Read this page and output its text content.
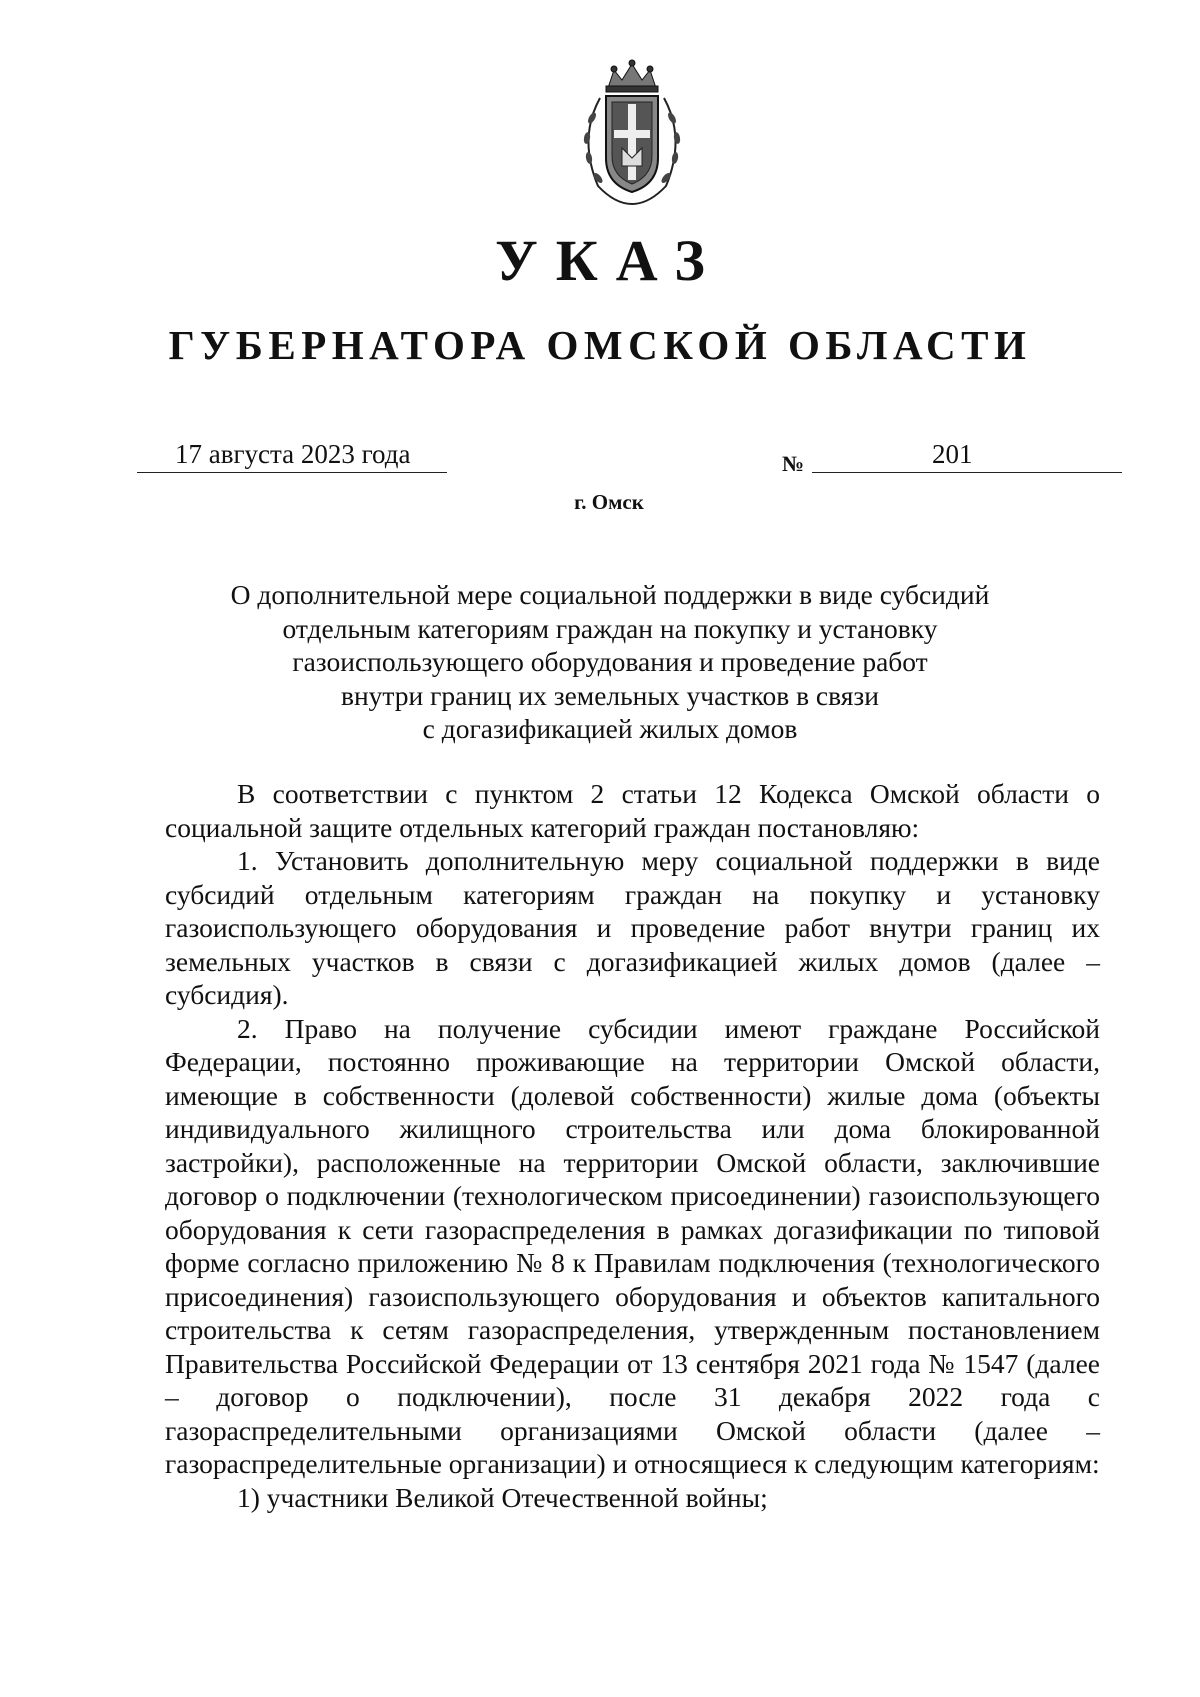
УКАЗ
ГУБЕРНАТОРА ОМСКОЙ ОБЛАСТИ
17 августа 2023 года	№	201
г. Омск
О дополнительной мере социальной поддержки в виде субсидий
отдельным категориям граждан на покупку и установку
газоиспользующего оборудования и проведение работ
внутри границ их земельных участков в связи
с догазификацией жилых домов

В соответствии с пунктом 2 статьи 12 Кодекса Омской области о социальной защите отдельных категорий граждан постановляю:

1. Установить дополнительную меру социальной поддержки в виде субсидий отдельным категориям граждан на покупку и установку газоиспользующего оборудования и проведение работ внутри границ их земельных участков в связи с догазификацией жилых домов (далее – субсидия).

2. Право на получение субсидии имеют граждане Российской Федерации, постоянно проживающие на территории Омской области, имеющие в собственности (долевой собственности) жилые дома (объекты индивидуального жилищного строительства или дома блокированной застройки), расположенные на территории Омской области, заключившие договор о подключении (технологическом присоединении) газоиспользующего оборудования к сети газораспределения в рамках догазификации по типовой форме согласно приложению № 8 к Правилам подключения (технологического присоединения) газоиспользующего оборудования и объектов капитального строительства к сетям газораспределения, утвержденным постановлением Правительства Российской Федерации от 13 сентября 2021 года № 1547 (далее – договор о подключении), после 31 декабря 2022 года с газораспределительными организациями Омской области (далее – газораспределительные организации) и относящиеся к следующим категориям:

1) участники Великой Отечественной войны;
